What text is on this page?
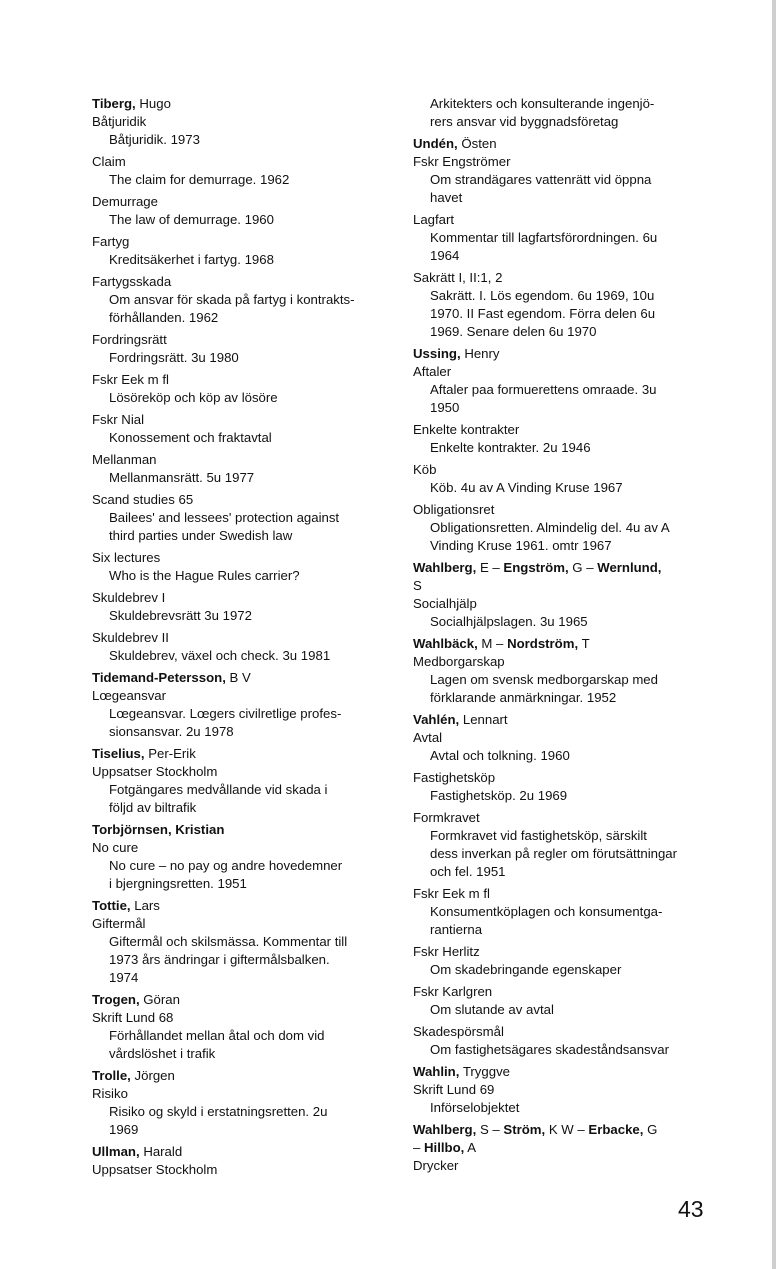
Tiberg, Hugo
Båtjuridik
Båtjuridik. 1973
Claim
The claim for demurrage. 1962
Demurrage
The law of demurrage. 1960
Fartyg
Kreditsäkerhet i fartyg. 1968
Fartygsskada
Om ansvar för skada på fartyg i kontrakts-
förhållanden. 1962
Fordringsrätt
Fordringsrätt. 3u 1980
Fskr Eek m fl
Lösöreköp och köp av lösöre
Fskr Nial
Konossement och fraktavtal
Mellanman
Mellanmansrätt. 5u 1977
Scand studies 65
Bailees' and lessees' protection against
third parties under Swedish law
Six lectures
Who is the Hague Rules carrier?
Skuldebrev I
Skuldebrevsrätt 3u 1972
Skuldebrev II
Skuldebrev, växel och check. 3u 1981
Tidemand-Petersson, B V
Lœgeansvar
Lœgeansvar. Lœgers civilretlige profes-
sionsansvar. 2u 1978
Tiselius, Per-Erik
Uppsatser Stockholm
Fotgängares medvållande vid skada i
följd av biltrafik
Torbjörnsen, Kristian
No cure
No cure – no pay og andre hovedemner
i bjergningsretten. 1951
Tottie, Lars
Giftermål
Giftermål och skilsmässa. Kommentar till
1973 års ändringar i giftermålsbalken.
1974
Trogen, Göran
Skrift Lund 68
Förhållandet mellan åtal och dom vid
vårdslöshet i trafik
Trolle, Jörgen
Risiko
Risiko og skyld i erstatningsretten. 2u
1969
Ullman, Harald
Uppsatser Stockholm
Arkitekters och konsulterande ingenjö-
rers ansvar vid byggnadsföretag
Undén, Östen
Fskr Engströmer
Om strandägares vattenrätt vid öppna
havet
Lagfart
Kommentar till lagfartsförordningen. 6u
1964
Sakrätt I, II:1, 2
Sakrätt. I. Lös egendom. 6u 1969, 10u
1970. II Fast egendom. Förra delen 6u
1969. Senare delen 6u 1970
Ussing, Henry
Aftaler
Aftaler paa formuerettens omraade. 3u
1950
Enkelte kontrakter
Enkelte kontrakter. 2u 1946
Köb
Köb. 4u av A Vinding Kruse 1967
Obligationsret
Obligationsretten. Almindelig del. 4u av A
Vinding Kruse 1961. omtr 1967
Wahlberg, E – Engström, G – Wernlund,
S
Socialhjälp
Socialhjälpslagen. 3u 1965
Wahlbäck, M – Nordström, T
Medborgarskap
Lagen om svensk medborgarskap med
förklarande anmärkningar. 1952
Vahlén, Lennart
Avtal
Avtal och tolkning. 1960
Fastighetsköp
Fastighetsköp. 2u 1969
Formkravet
Formkravet vid fastighetsköp, särskilt
dess inverkan på regler om förutsättningar
och fel. 1951
Fskr Eek m fl
Konsumentköplagen och konsumentga-
rantierna
Fskr Herlitz
Om skadebringande egenskaper
Fskr Karlgren
Om slutande av avtal
Skadespörsmål
Om fastighetsägares skadeståndsansvar
Wahlin, Tryggve
Skrift Lund 69
Införselobjektet
Wahlberg, S – Ström, K W – Erbacke, G
– Hillbo, A
Drycker
43
